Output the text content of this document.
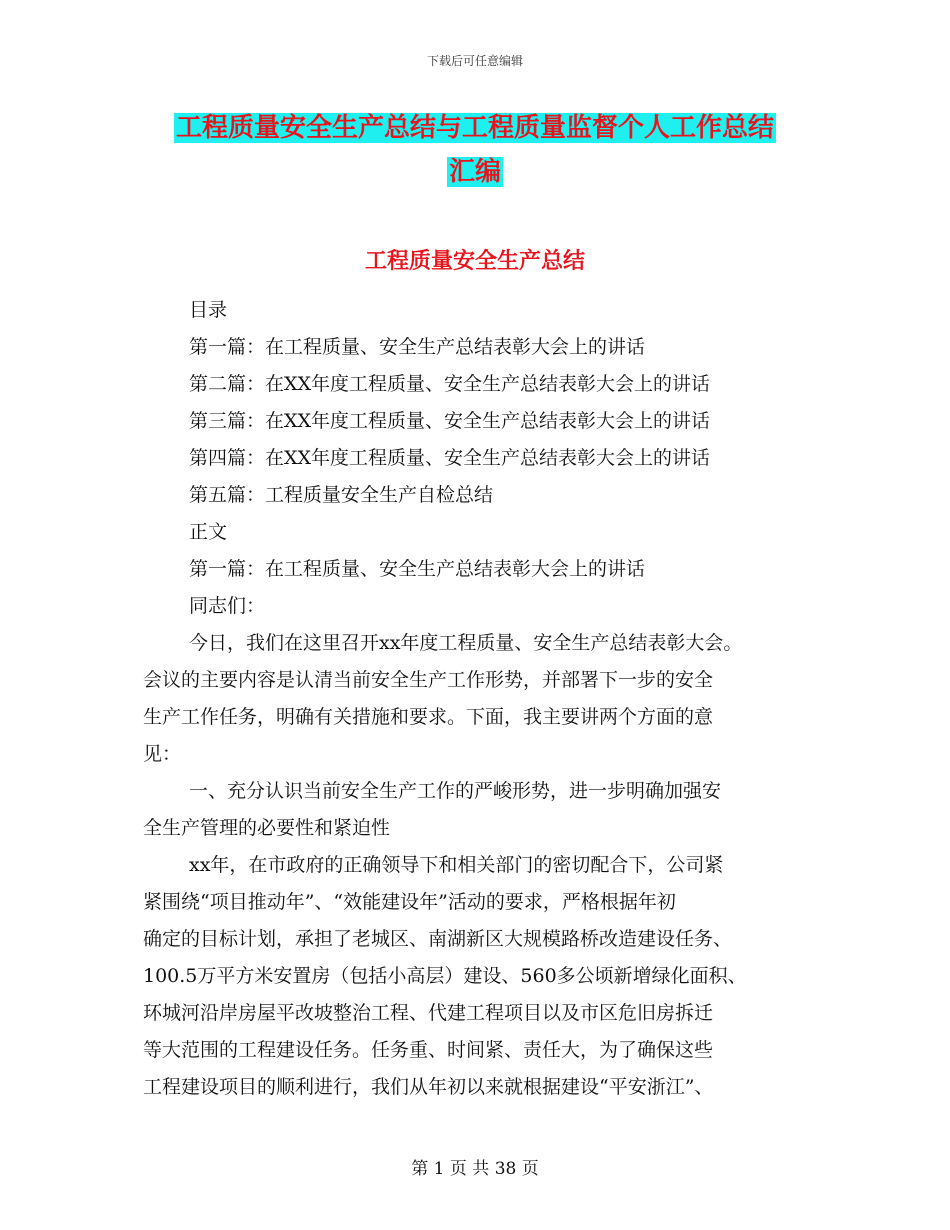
下载后可任意编辑
工程质量安全生产总结与工程质量监督个人工作总结
汇编
工程质量安全生产总结
目录
第一篇：在工程质量、安全生产总结表彰大会上的讲话
第二篇：在XX年度工程质量、安全生产总结表彰大会上的讲话
第三篇：在XX年度工程质量、安全生产总结表彰大会上的讲话
第四篇：在XX年度工程质量、安全生产总结表彰大会上的讲话
第五篇：工程质量安全生产自检总结
正文
第一篇：在工程质量、安全生产总结表彰大会上的讲话
同志们：
今日，我们在这里召开xx年度工程质量、安全生产总结表彰大会。
会议的主要内容是认清当前安全生产工作形势，并部署下一步的安全
生产工作任务，明确有关措施和要求。下面，我主要讲两个方面的意
见：
一、充分认识当前安全生产工作的严峻形势，进一步明确加强安
全生产管理的必要性和紧迫性
xx年，在市政府的正确领导下和相关部门的密切配合下，公司紧
紧围绕“项目推动年”、“效能建设年”活动的要求，严格根据年初
确定的目标计划，承担了老城区、南湖新区大规模路桥改造建设任务、
100.5万平方米安置房（包括小高层）建设、560多公顷新增绿化面积、
环城河沿岸房屋平改坡整治工程、代建工程项目以及市区危旧房拆迁
等大范围的工程建设任务。任务重、时间紧、责任大，为了确保这些
工程建设项目的顺利进行，我们从年初以来就根据建设“平安浙江”、
第 1 页 共 38 页
